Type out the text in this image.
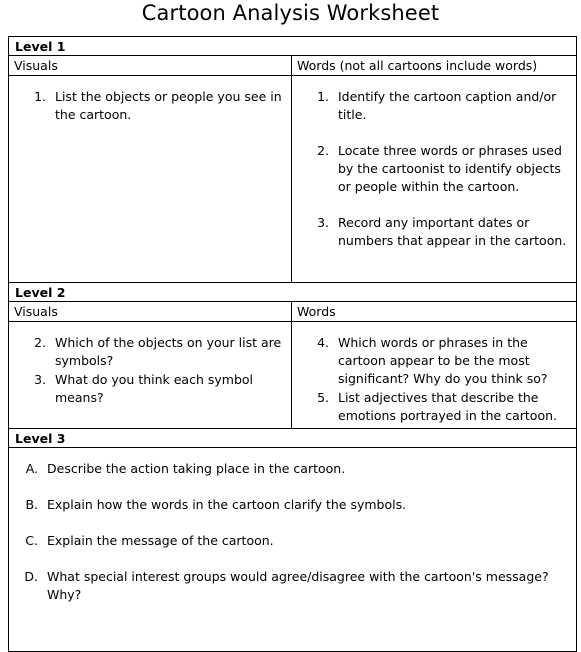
Cartoon Analysis Worksheet
Level 1
Visuals	Words (not all cartoons include words)
1. List the objects or people you see in the cartoon.
1. Identify the cartoon caption and/or title.
2. Locate three words or phrases used by the cartoonist to identify objects or people within the cartoon.
3. Record any important dates or numbers that appear in the cartoon.
Level 2
Visuals	Words
2. Which of the objects on your list are symbols?
3. What do you think each symbol means?
4. Which words or phrases in the cartoon appear to be the most significant? Why do you think so?
5. List adjectives that describe the emotions portrayed in the cartoon.
Level 3
A. Describe the action taking place in the cartoon.
B. Explain how the words in the cartoon clarify the symbols.
C. Explain the message of the cartoon.
D. What special interest groups would agree/disagree with the cartoon's message? Why?
